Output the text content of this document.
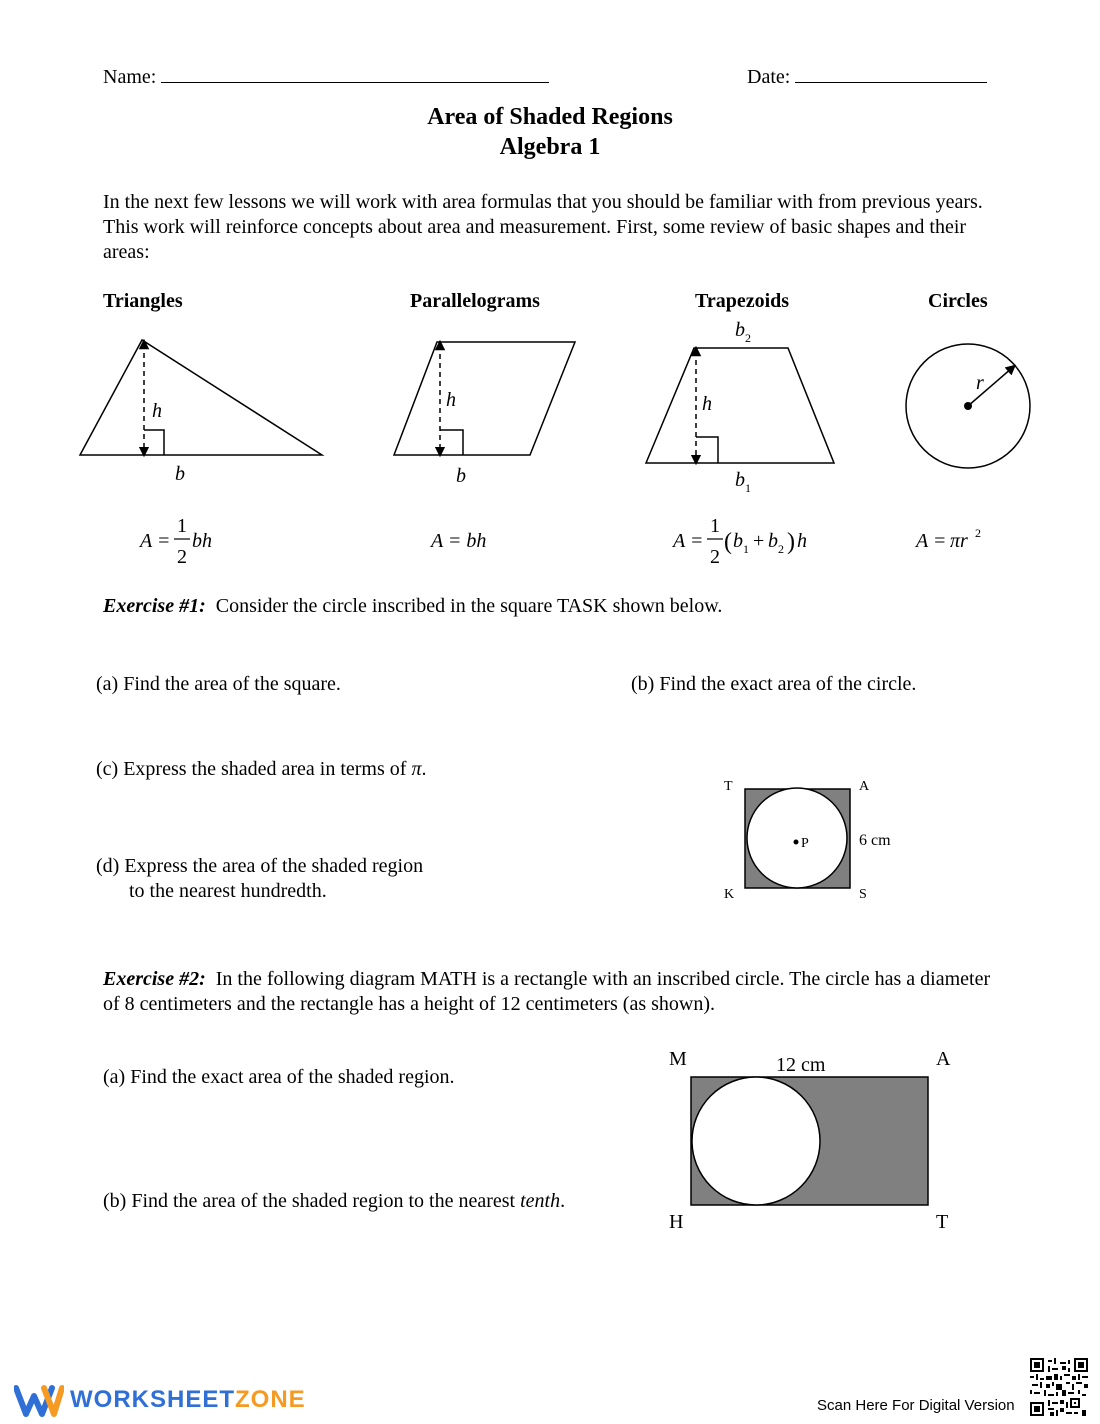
Name:	Date:
Area of Shaded Regions
Algebra 1
In the next few lessons we will work with area formulas that you should be familiar with from previous years. This work will reinforce concepts about area and measurement. First, some review of basic shapes and their areas:
Triangles	Parallelograms	Trapezoids	Circles
h
b
h
b
h
b 2
b 1
r
A =
1
2
bh	A = bh	A =
1
2
( b 1 + b 2 ) h	A = πr 2
Exercise #1: Consider the circle inscribed in the square TASK shown below.
(a) Find the area of the square.	(b) Find the exact area of the circle.
(c) Express the shaded area in terms of π.
(d) Express the area of the shaded region
to the nearest hundredth.
P
T	A
K	S
6 cm
Exercise #2: In the following diagram MATH is a rectangle with an inscribed circle. The circle has a diameter of 8 centimeters and the rectangle has a height of 12 centimeters (as shown).
(a) Find the exact area of the shaded region.
(b) Find the area of the shaded region to the nearest tenth.
M	A
H	T
12 cm
WORKSHEETZONE	Scan Here For Digital Version
